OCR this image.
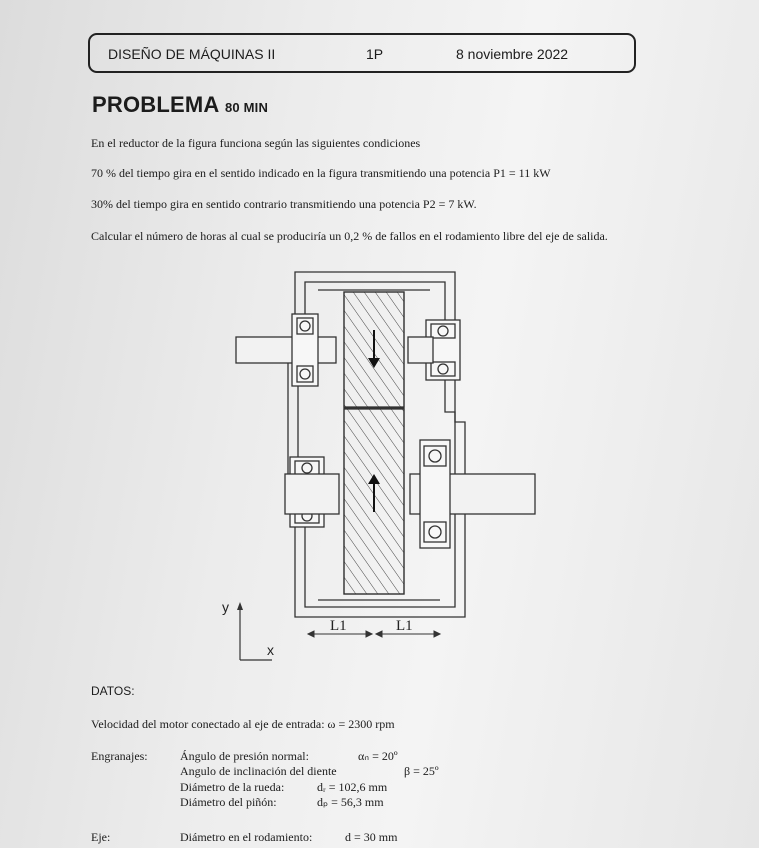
DISEÑO DE MÁQUINAS II	1P	8 noviembre 2022
PROBLEMA 80 MIN
En el reductor de la figura funciona según las siguientes condiciones
70 % del tiempo gira en el sentido indicado en la figura transmitiendo una potencia P1 = 11 kW
30% del tiempo gira en sentido contrario transmitiendo una potencia P2 = 7 kW.
Calcular el número de horas al cual se produciría un 0,2 % de fallos en el rodamiento libre del eje de salida.
L1	L1
y
x
DATOS:
Velocidad del motor conectado al eje de entrada: ω = 2300 rpm
Engranajes:	Ángulo de presión normal:	αₙ = 20º
Angulo de inclinación del diente	β = 25º
Diámetro de la rueda:	dᵣ = 102,6 mm
Diámetro del piñón:	dₚ = 56,3 mm
Eje:	Diámetro en el rodamiento:	d = 30 mm
